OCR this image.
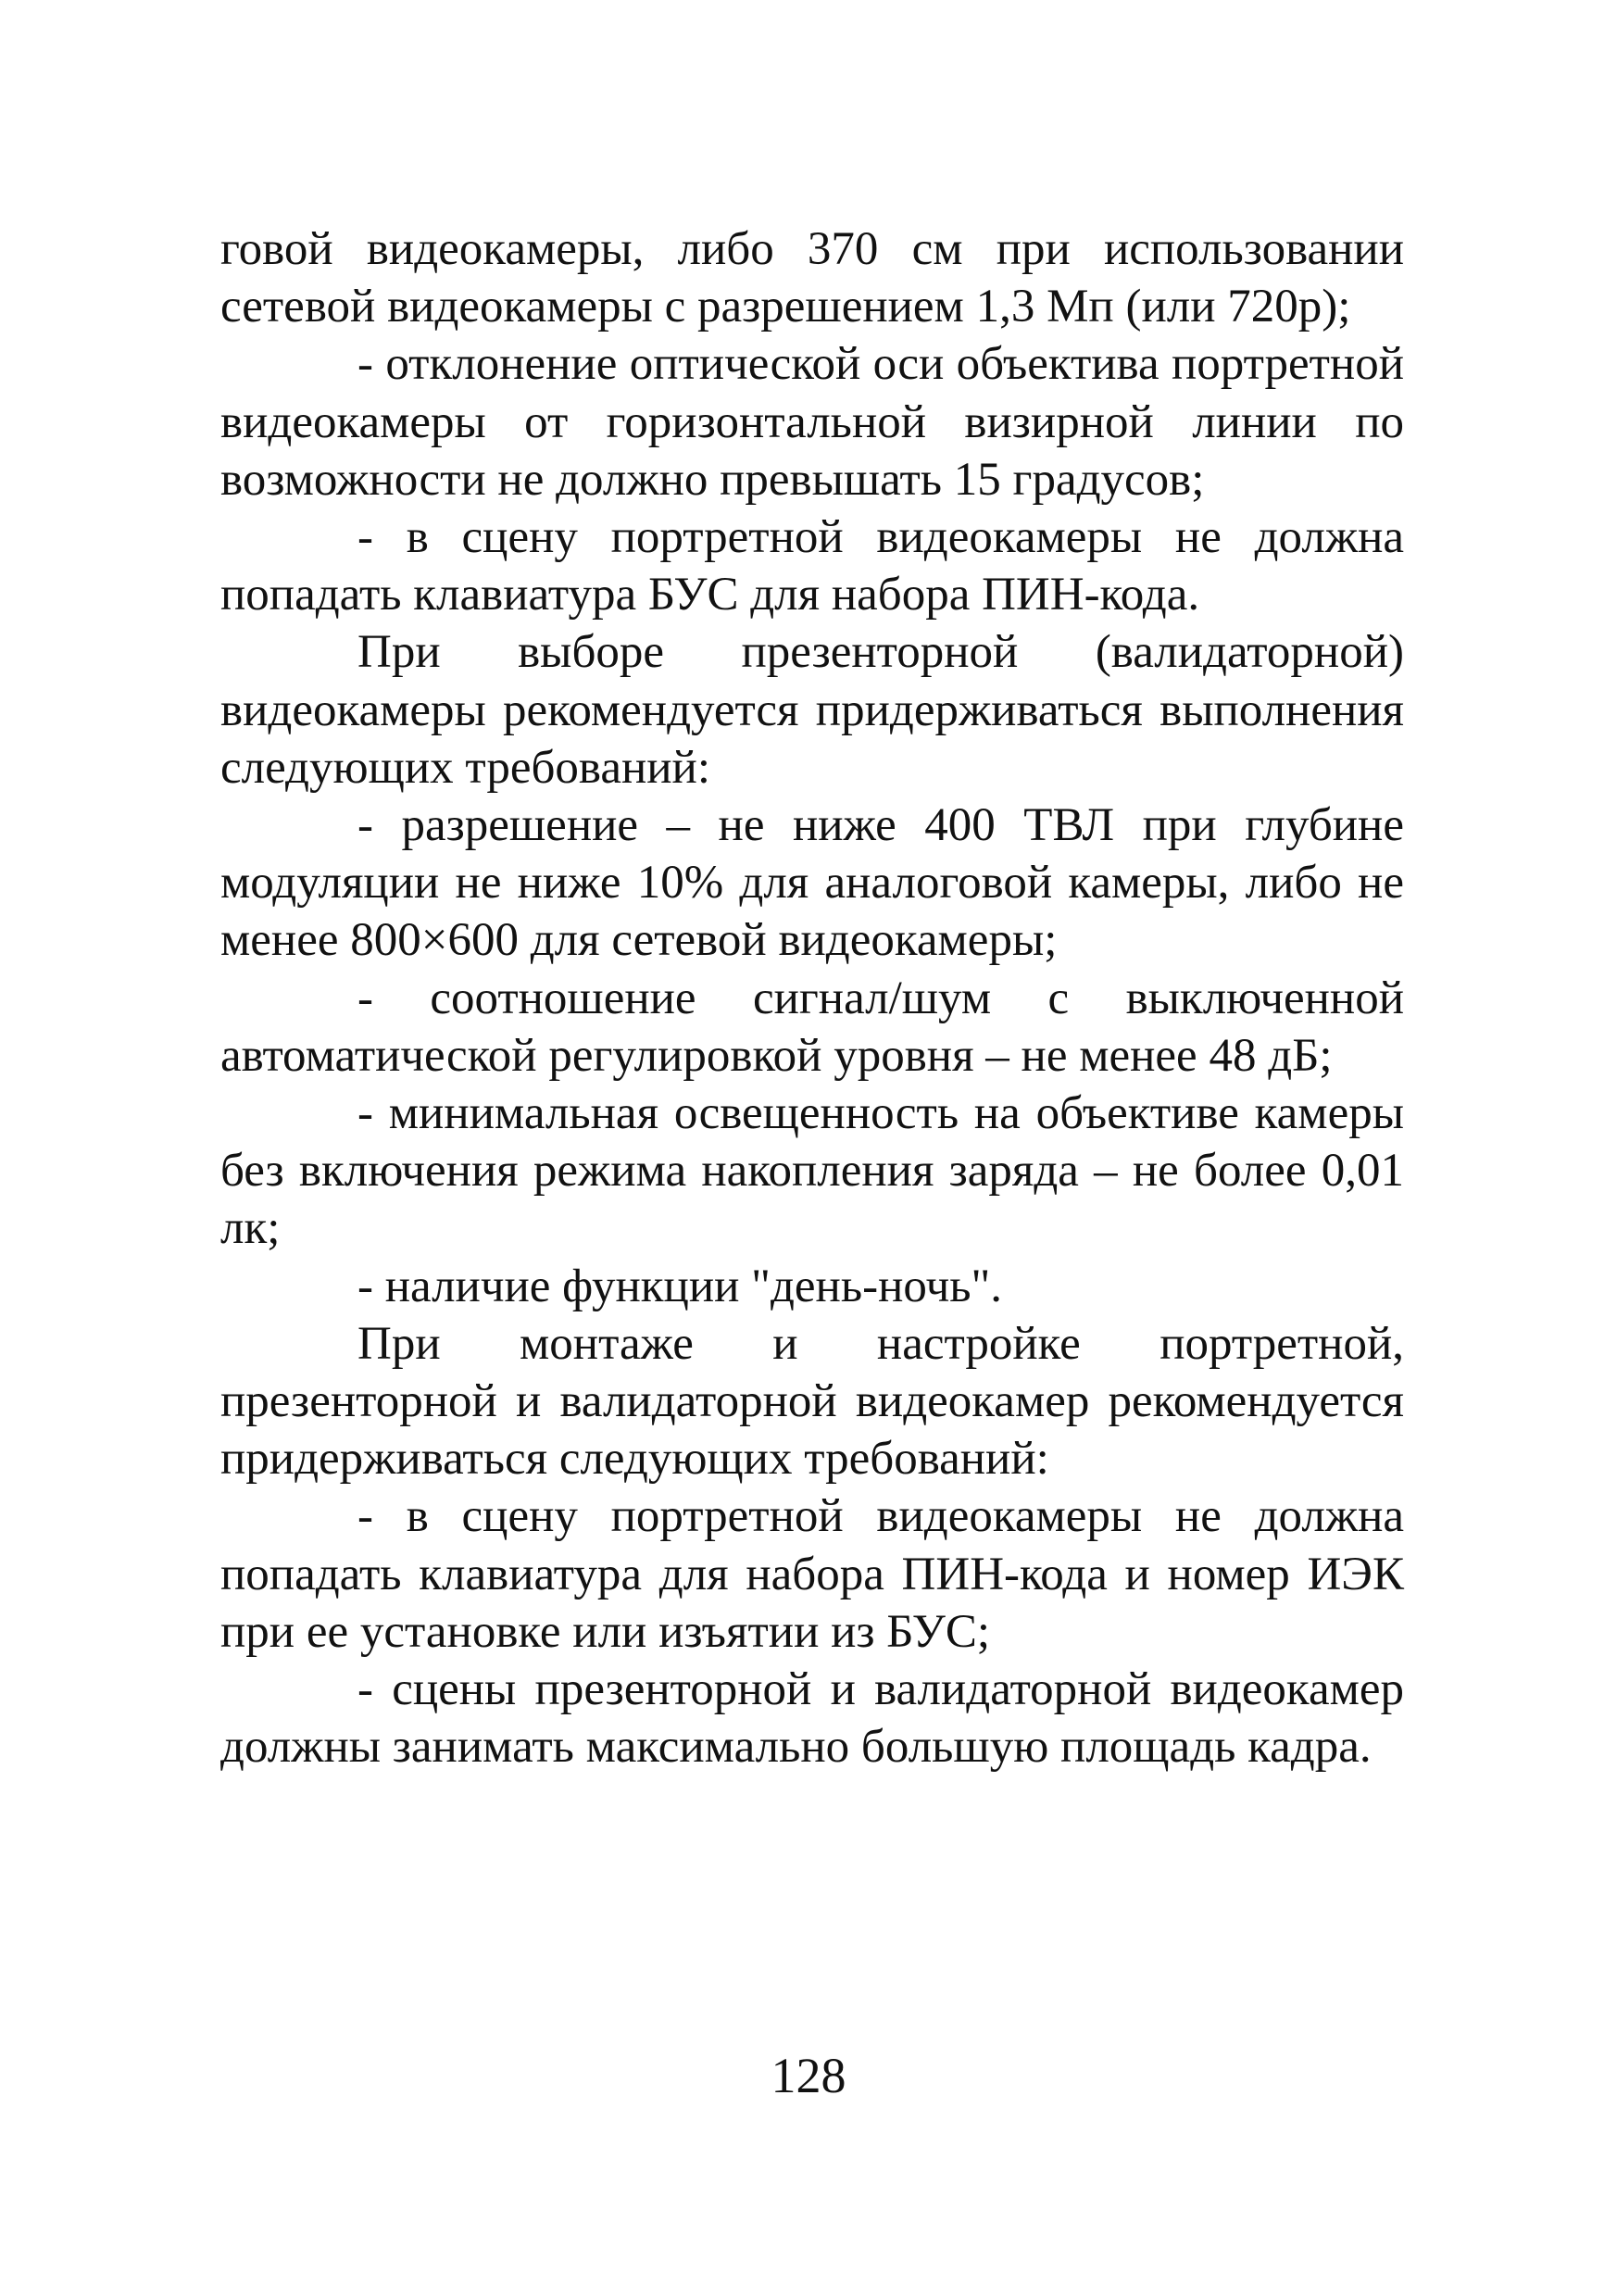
говой видеокамеры, либо 370 см при использовании сетевой видеокамеры с разрешением 1,3 Мп (или 720р);

- отклонение оптической оси объектива портретной видеокамеры от горизонтальной визирной линии по возможности не должно превышать 15 градусов;

- в сцену портретной видеокамеры не должна попадать клавиатура БУС для набора ПИН-кода.

При выборе презенторной (валидаторной) видеокамеры рекомендуется придерживаться выполнения следующих требований:

- разрешение – не ниже 400 ТВЛ при глубине модуляции не ниже 10% для аналоговой камеры, либо не менее 800×600 для сетевой видеокамеры;

- соотношение сигнал/шум с выключенной автоматической регулировкой уровня – не менее 48 дБ;

- минимальная освещенность на объективе камеры без включения режима накопления заряда – не более 0,01 лк;

- наличие функции "день-ночь".

При монтаже и настройке портретной, презенторной и валидаторной видеокамер рекомендуется придерживаться следующих требований:

- в сцену портретной видеокамеры не должна попадать клавиатура для набора ПИН-кода и номер ИЭК при ее установке или изъятии из БУС;

- сцены презенторной и валидаторной видеокамер должны занимать максимально большую площадь кадра.

128
